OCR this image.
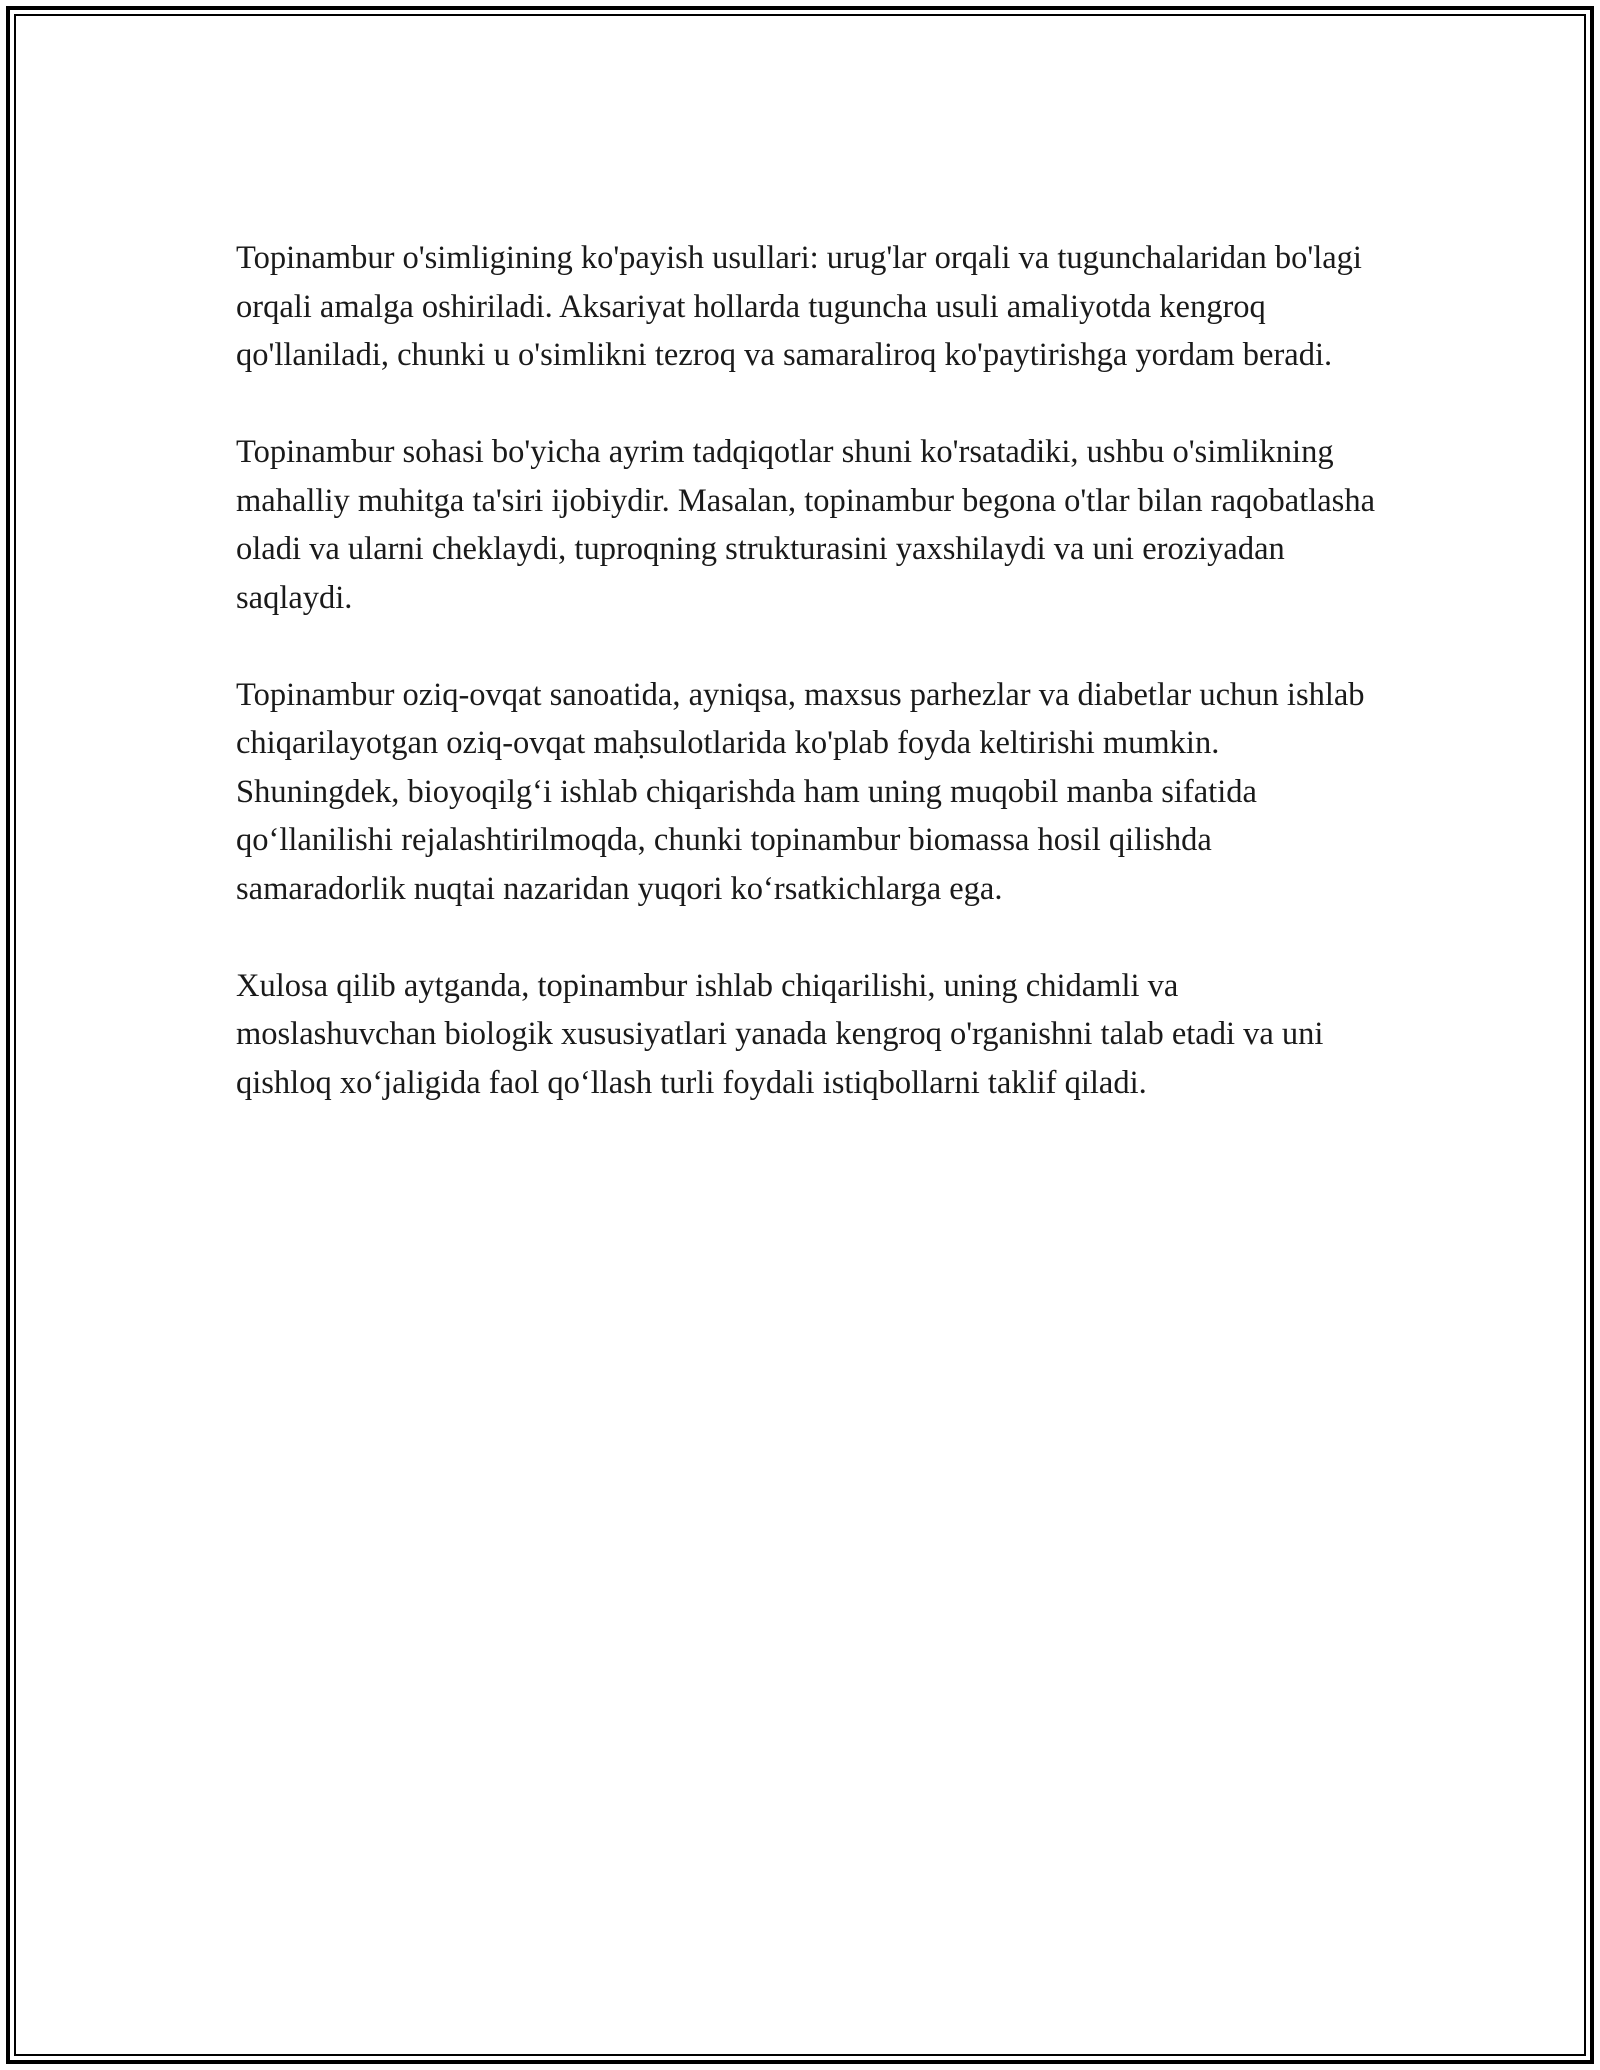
Topinambur o'simligining ko'payish usullari: urug'lar orqali va tugunchalaridan bo'lagi orqali amalga oshiriladi. Aksariyat hollarda tuguncha usuli amaliyotda kengroq qo'llaniladi, chunki u o'simlikni tezroq va samaraliroq ko'paytirishga yordam beradi.

Topinambur sohasi bo'yicha ayrim tadqiqotlar shuni ko'rsatadiki, ushbu o'simlikning mahalliy muhitga ta'siri ijobiydir. Masalan, topinambur begona o'tlar bilan raqobatlasha oladi va ularni cheklaydi, tuproqning strukturasini yaxshilaydi va uni eroziyadan saqlaydi.

Topinambur oziq-ovqat sanoatida, ayniqsa, maxsus parhezlar va diabetlar uchun ishlab chiqarilayotgan oziq-ovqat maḥsulotlarida ko'plab foyda keltirishi mumkin. Shuningdek, bioyoqilg‘i ishlab chiqarishda ham uning muqobil manba sifatida qo‘llanilishi rejalashtirilmoqda, chunki topinambur biomassa hosil qilishda samaradorlik nuqtai nazaridan yuqori ko‘rsatkichlarga ega.

Xulosa qilib aytganda, topinambur ishlab chiqarilishi, uning chidamli va moslashuvchan biologik xususiyatlari yanada kengroq o'rganishni talab etadi va uni qishloq xo‘jaligida faol qo‘llash turli foydali istiqbollarni taklif qiladi.
